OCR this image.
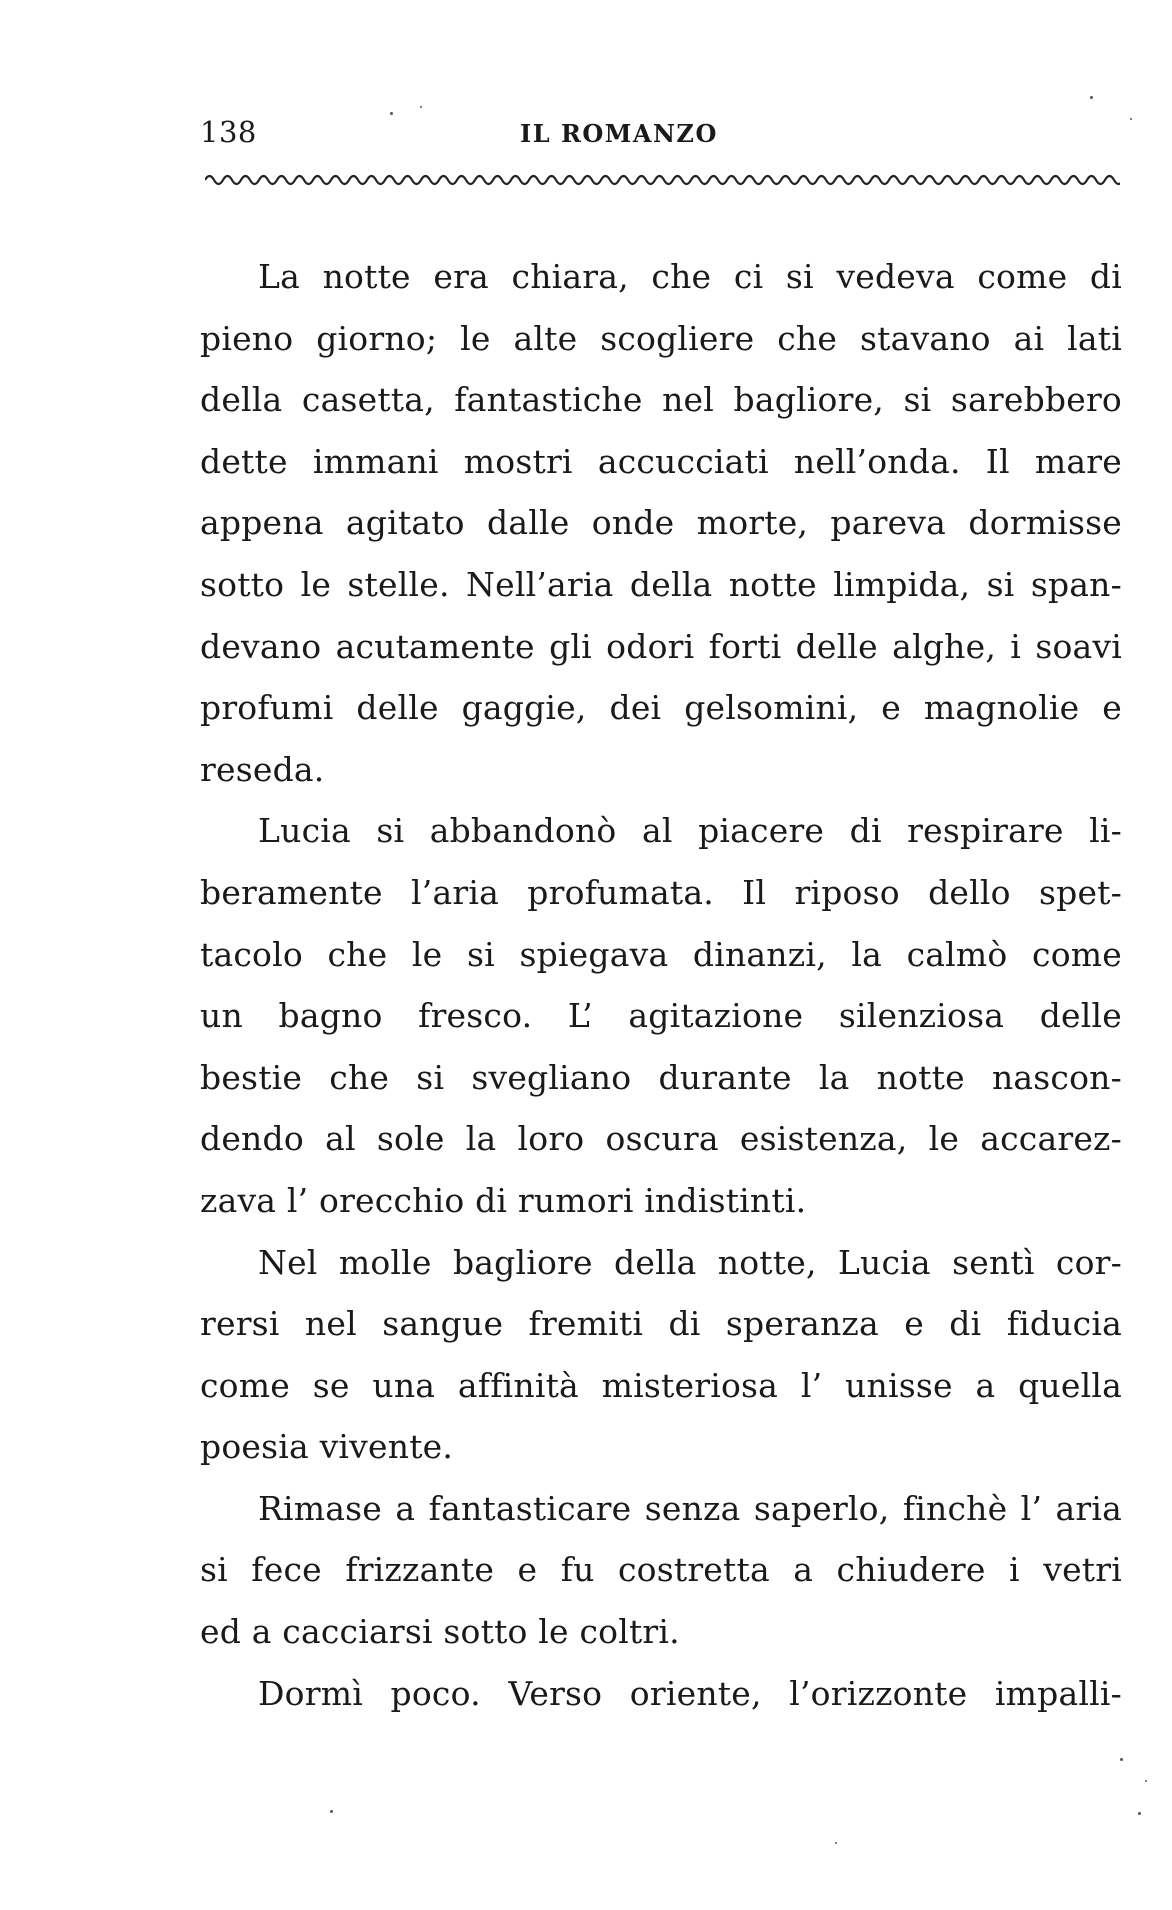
138	IL ROMANZO
La notte era chiara, che ci si vedeva come di
pieno giorno; le alte scogliere che stavano ai lati
della casetta, fantastiche nel bagliore, si sarebbero
dette immani mostri accucciati nell’onda. Il mare
appena agitato dalle onde morte, pareva dormisse
sotto le stelle. Nell’aria della notte limpida, si span-
devano acutamente gli odori forti delle alghe, i soavi
profumi delle gaggie, dei gelsomini, e magnolie e
reseda.
Lucia si abbandonò al piacere di respirare li-
beramente l’aria profumata. Il riposo dello spet-
tacolo che le si spiegava dinanzi, la calmò come
un bagno fresco. L’ agitazione silenziosa delle
bestie che si svegliano durante la notte nascon-
dendo al sole la loro oscura esistenza, le accarez-
zava l’ orecchio di rumori indistinti.
Nel molle bagliore della notte, Lucia sentì cor-
rersi nel sangue fremiti di speranza e di fiducia
come se una affinità misteriosa l’ unisse a quella
poesia vivente.
Rimase a fantasticare senza saperlo, finchè l’ aria
si fece frizzante e fu costretta a chiudere i vetri
ed a cacciarsi sotto le coltri.
Dormì poco. Verso oriente, l’orizzonte impalli-
